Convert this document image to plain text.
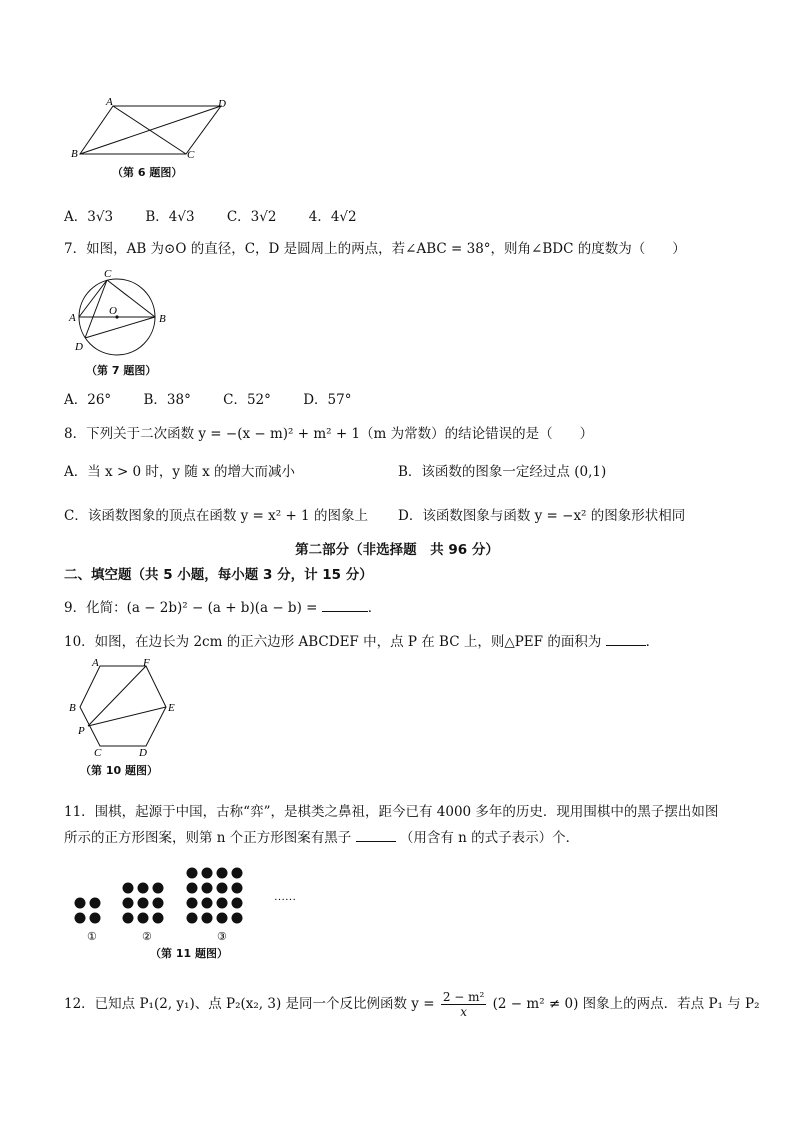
A	D
B	C
（第 6 题图）
A．3√3 B．4√3 C．3√2 4．4√2
7．如图，AB 为⊙O 的直径，C，D 是圆周上的两点，若∠ABC = 38°，则角∠BDC 的度数为（　　）
C
A	B
O
D
（第 7 题图）
A．26° B．38° C．52° D．57°
8．下列关于二次函数 y = −(x − m)² + m² + 1（m 为常数）的结论错误的是（　　）
A．当 x > 0 时，y 随 x 的增大而减小	B．该函数的图象一定经过点 (0,1)
C．该函数图象的顶点在函数 y = x² + 1 的图象上 D．该函数图象与函数 y = −x² 的图象形状相同
第二部分（非选择题　共 96 分）
二、填空题（共 5 小题，每小题 3 分，计 15 分）
9．化简：(a − 2b)² − (a + b)(a − b) =	．
10．如图，在边长为 2cm 的正六边形 ABCDEF 中，点 P 在 BC 上，则△PEF 的面积为	．
A	F
B	E
P
C	D
（第 10 题图）
11．围棋，起源于中国，古称“弈”，是棋类之鼻祖，距今已有 4000 多年的历史．现用围棋中的黑子摆出如图
所示的正方形图案，则第 n 个正方形图案有黑子	（用含有 n 的式子表示）个．
①	②	③
……
（第 11 题图）
12．已知点 P₁(2, y₁)、点 P₂(x₂, 3) 是同一个反比例函数 $y = \frac{\text{2 − m²}}{x} (2 - m^2 \ne 0)$ 图象上的两点．若点 P₁ 与 P₂
